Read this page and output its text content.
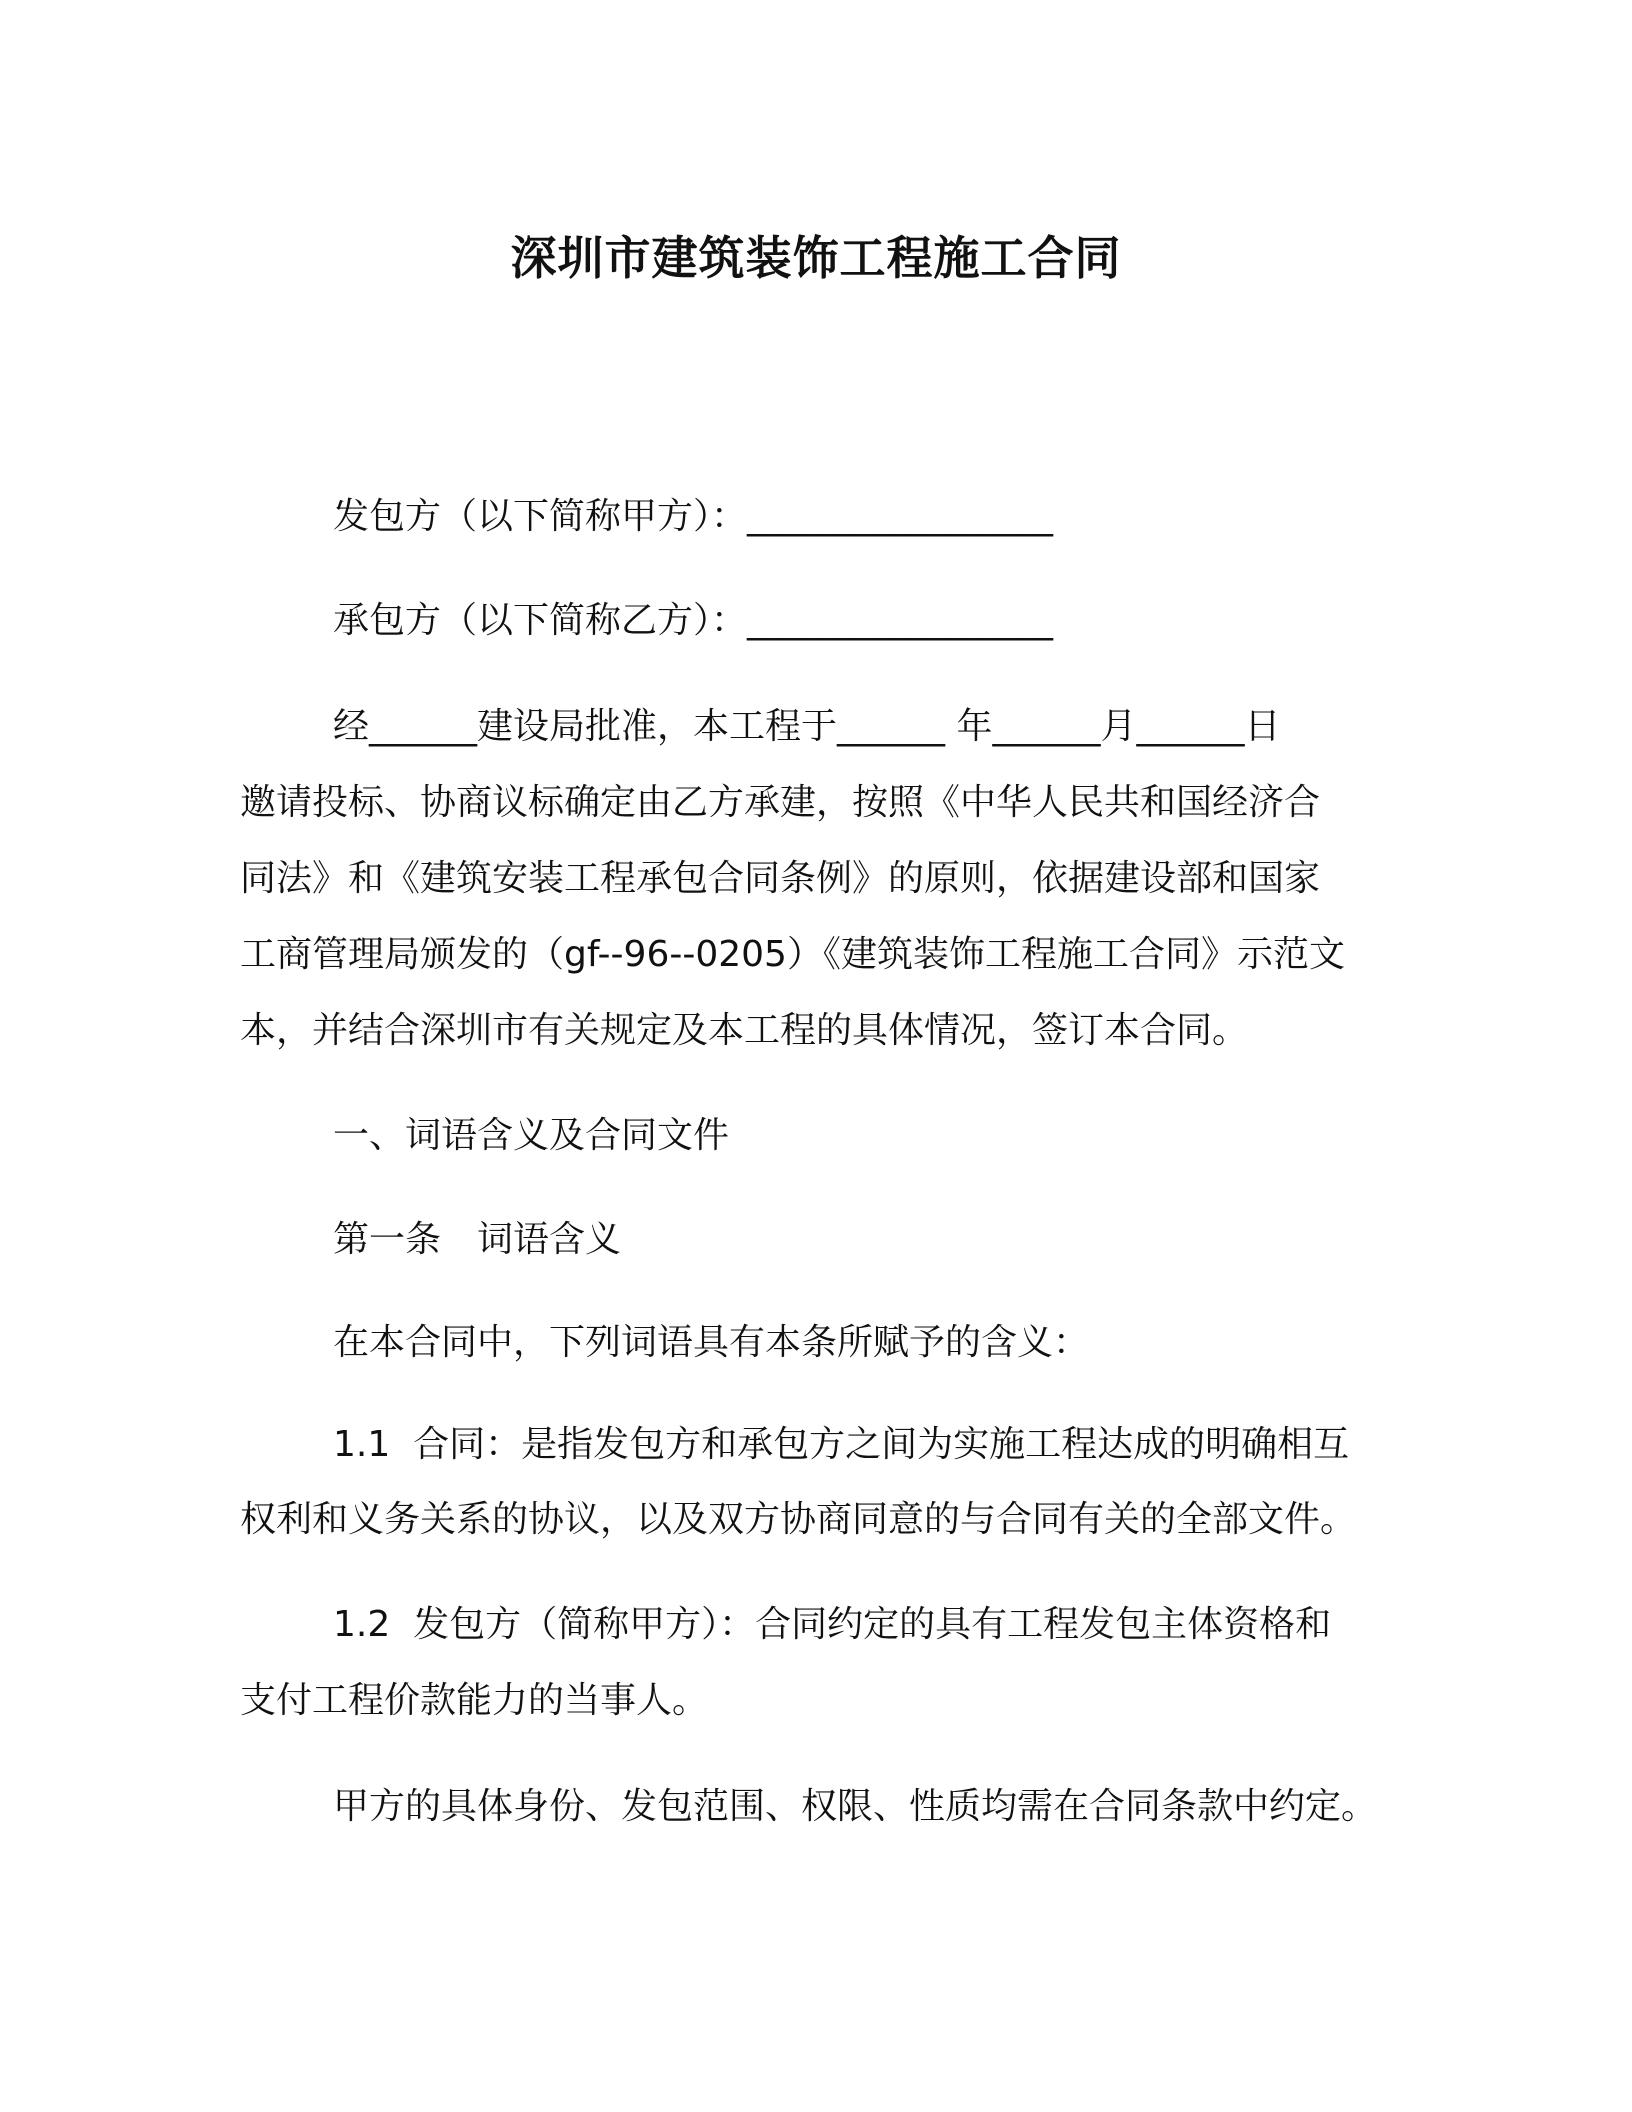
深圳市建筑装饰工程施工合同
发包方（以下简称甲方）：_________________
承包方（以下简称乙方）：_________________
经______建设局批准，本工程于______ 年______月______日
邀请投标、协商议标确定由乙方承建，按照《中华人民共和国经济合
同法》和《建筑安装工程承包合同条例》的原则，依据建设部和国家
工商管理局颁发的（gf--96--0205）《建筑装饰工程施工合同》示范文
本，并结合深圳市有关规定及本工程的具体情况，签订本合同。
一、词语含义及合同文件
第一条　词语含义
在本合同中，下列词语具有本条所赋予的含义：
1.1  合同：是指发包方和承包方之间为实施工程达成的明确相互
权利和义务关系的协议，以及双方协商同意的与合同有关的全部文件。
1.2  发包方（简称甲方）：合同约定的具有工程发包主体资格和
支付工程价款能力的当事人。
甲方的具体身份、发包范围、权限、性质均需在合同条款中约定。
